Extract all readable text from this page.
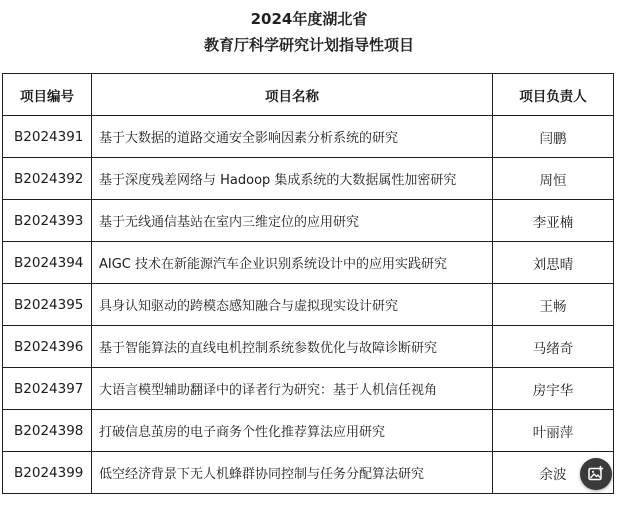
2024年度湖北省
教育厅科学研究计划指导性项目
项目编号	项目名称	项目负责人
B2024391	基于大数据的道路交通安全影响因素分析系统的研究	闫鹏
B2024392	基于深度残差网络与 Hadoop 集成系统的大数据属性加密研究	周恒
B2024393	基于无线通信基站在室内三维定位的应用研究	李亚楠
B2024394	AIGC 技术在新能源汽车企业识别系统设计中的应用实践研究	刘思晴
B2024395	具身认知驱动的跨模态感知融合与虚拟现实设计研究	王畅
B2024396	基于智能算法的直线电机控制系统参数优化与故障诊断研究	马绪奇
B2024397	大语言模型辅助翻译中的译者行为研究：基于人机信任视角	房宇华
B2024398	打破信息茧房的电子商务个性化推荐算法应用研究	叶丽萍
B2024399	低空经济背景下无人机蜂群协同控制与任务分配算法研究	余波
